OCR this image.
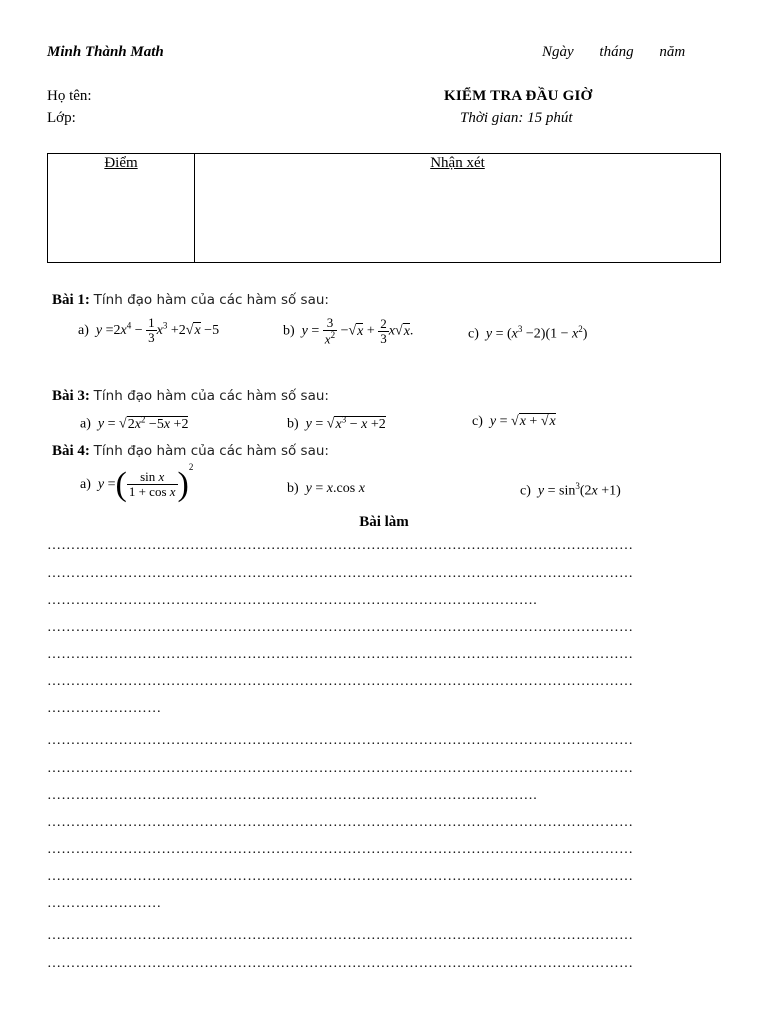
Minh Thành Math	Ngày tháng năm
Họ tên:
Lớp:
KIỂM TRA ĐẦU GIỜ
Thời gian: 15 phút
Điểm	Nhận xét
Bài 1: Tính đạo hàm của các hàm số sau:
a) $y =2x^4 - \frac{1}{3} x^3 +2√x -5$	b) $y = \frac{3}{x^2} -√x + \frac{2}{3} x√x$.	c) $y = (x^3 -2)(1 - x^2)$
Bài 3: Tính đạo hàm của các hàm số sau:
a) $y = √2x^2 -5x +2$	b) $y = √x^3 - x +2$	c) y = √x + √x
Bài 4: Tính đạo hàm của các hàm số sau:
a) y =( $\frac{\text{sin x}}{\text{1 + cos x}} )^2$
b) y = x.cos x	c) $y = \sin^3(2x +1)$
Bài làm
……………………………………………………………………………………………………………
……………………………………………………………………………………………………………
………………………………………………………………………………………….
……………………………………………………………………………………………………………
……………………………………………………………………………………………………………
……………………………………………………………………………………………………………
……………………
……………………………………………………………………………………………………………
……………………………………………………………………………………………………………
………………………………………………………………………………………….
……………………………………………………………………………………………………………
……………………………………………………………………………………………………………
……………………………………………………………………………………………………………
……………………
……………………………………………………………………………………………………………
……………………………………………………………………………………………………………
